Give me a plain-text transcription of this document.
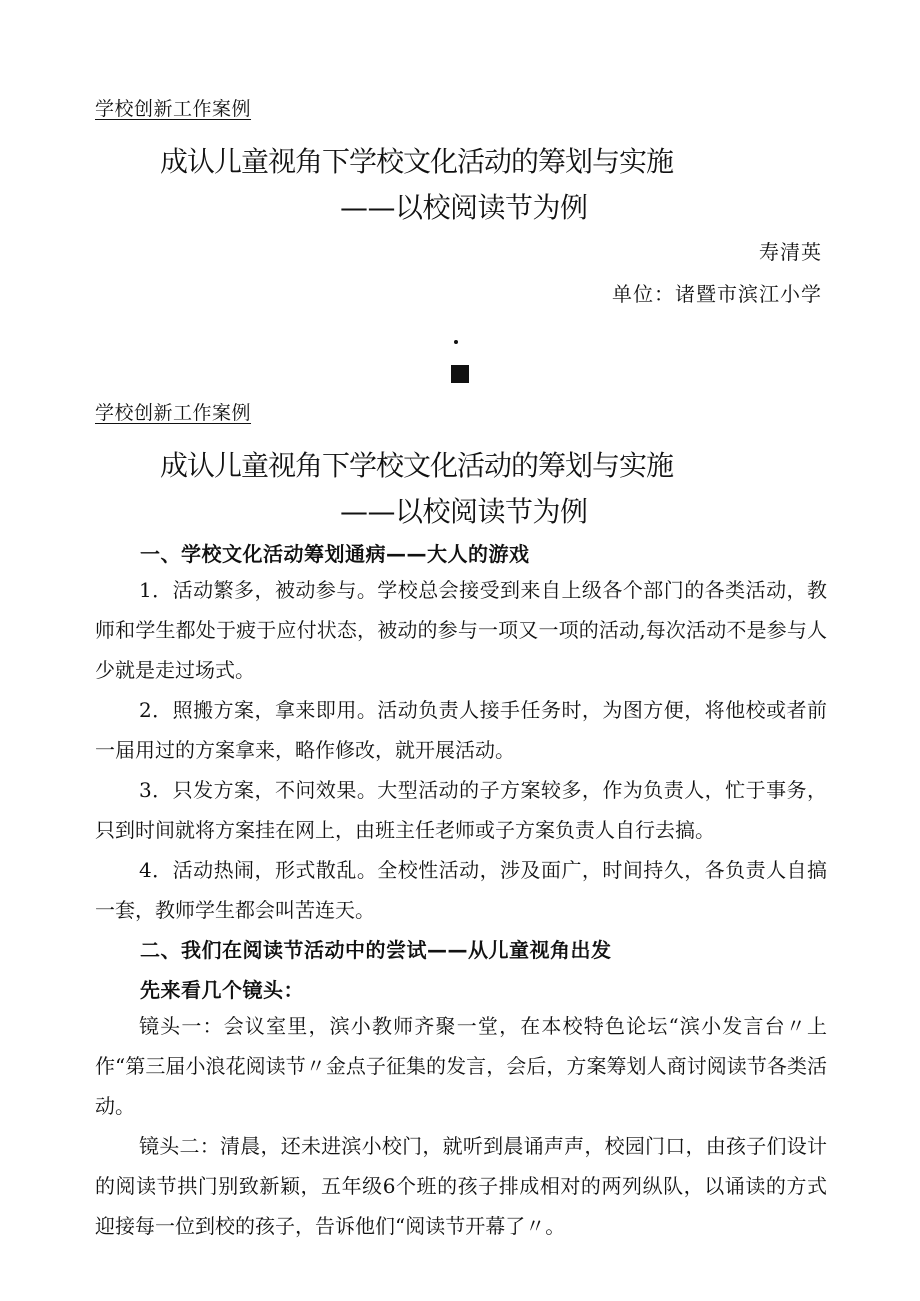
学校创新工作案例

成认儿童视角下学校文化活动的筹划与实施

——以校阅读节为例

寿清英

单位：诸暨市滨江小学

学校创新工作案例

成认儿童视角下学校文化活动的筹划与实施

——以校阅读节为例

一、学校文化活动筹划通病——大人的游戏

1．活动繁多，被动参与。学校总会接受到来自上级各个部门的各类活动，教师和学生都处于疲于应付状态，被动的参与一项又一项的活动,每次活动不是参与人少就是走过场式。

2．照搬方案，拿来即用。活动负责人接手任务时，为图方便，将他校或者前一届用过的方案拿来，略作修改，就开展活动。

3．只发方案，不问效果。大型活动的子方案较多，作为负责人，忙于事务，只到时间就将方案挂在网上，由班主任老师或子方案负责人自行去搞。

4．活动热闹，形式散乱。全校性活动，涉及面广，时间持久，各负责人自搞一套，教师学生都会叫苦连天。

二、我们在阅读节活动中的尝试——从儿童视角出发

先来看几个镜头：

镜头一：会议室里，滨小教师齐聚一堂，在本校特色论坛“滨小发言台〃上作“第三届小浪花阅读节〃金点子征集的发言，会后，方案筹划人商讨阅读节各类活动。

镜头二：清晨，还未进滨小校门，就听到晨诵声声，校园门口，由孩子们设计的阅读节拱门别致新颖，五年级6个班的孩子排成相对的两列纵队，以诵读的方式迎接每一位到校的孩子，告诉他们“阅读节开幕了〃。
